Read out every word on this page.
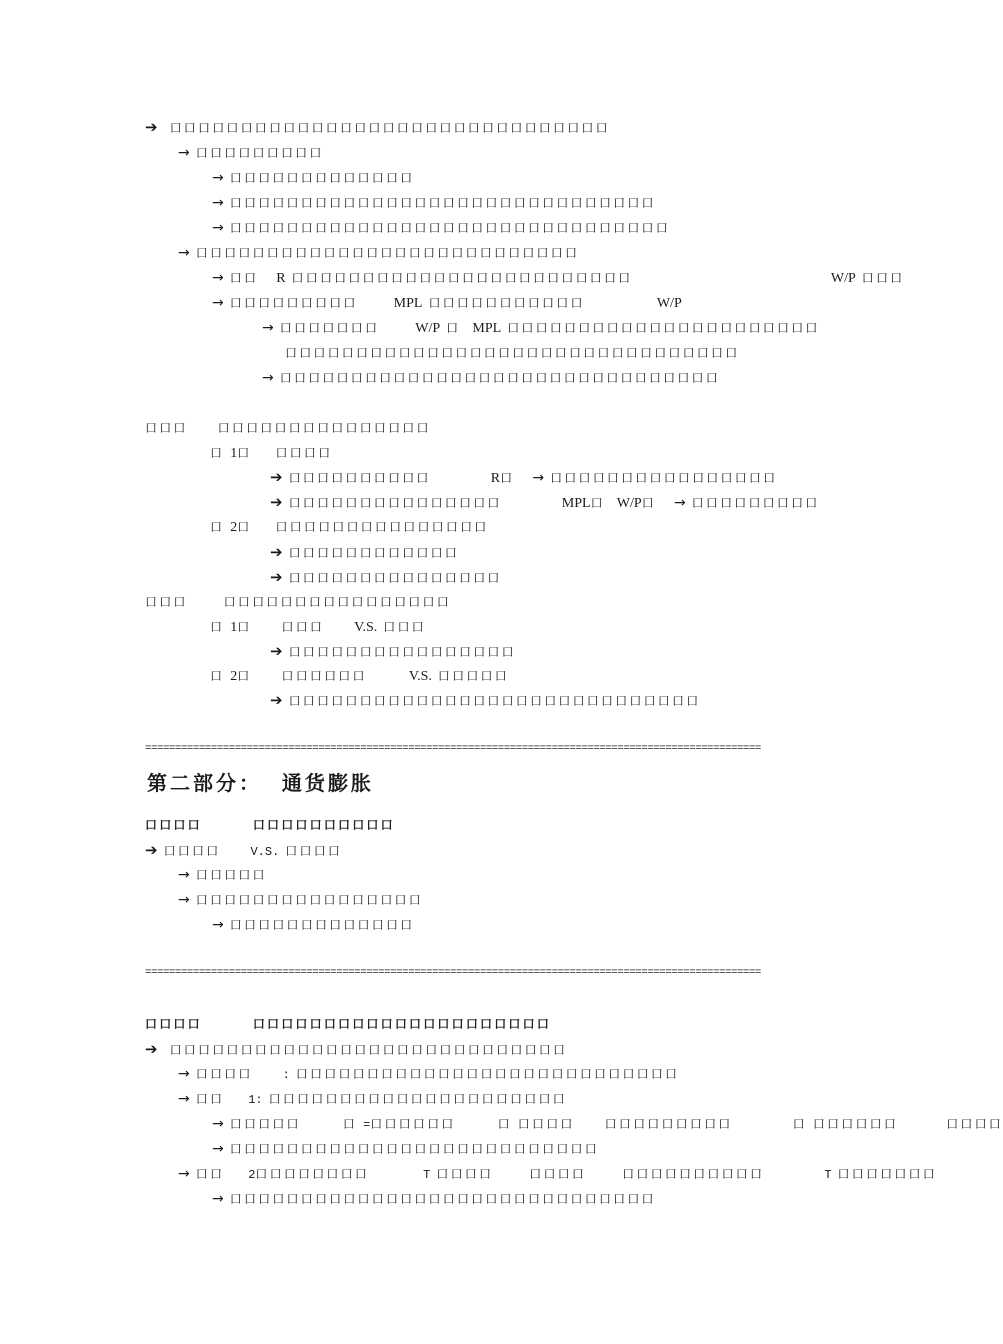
➔  口口口口口口口口口口口口口口口口口口口口口口口口口口口口口口口
→ 口口口口口口口口口
→ 口口口口口口口口口口口口口
→ 口口口口口口口口口口口口口口口口口口口口口口口口口口口口口口
→ 口口口口口口口口口口口口口口口口口口口口口口口口口口口口口口口
→ 口口口口口口口口口口口口口口口口口口口口口口口口口口口
→ 口口   R 口口口口口口口口口口口口口口口口口口口口口口口口	W/P 口口口
→ 口口口口口口口口口      MPL 口口口口口口口口口口口	W/P
→ 口口口口口口口      W/P 口  MPL 口口口口口口口口口口口口口口口口口口口口口口
口口口口口口口口口口口口口口口口口口口口口口口口口口口口口口口口
→ 口口口口口口口口口口口口口口口口口口口口口口口口口口口口口口口
口口口     口口口口口口口口口口口口口口口
口 1口    口口口口
➔ 口口口口口口口口口口	R口   → 口口口口口口口口口口口口口口口口
➔ 口口口口口口口口口口口口口口口	MPL口  W/P口   → 口口口口口口口口口
口 2口    口口口口口口口口口口口口口口口
➔ 口口口口口口口口口口口口
➔ 口口口口口口口口口口口口口口口
口口口      口口口口口口口口口口口口口口口口
口 1口     口口口     V.S. 口口口
➔ 口口口口口口口口口口口口口口口口
口 2口     口口口口口口	V.S. 口口口口口
➔ 口口口口口口口口口口口口口口口口口口口口口口口口口口口口口
口口口口        口口口口口口口口口口
➔ 口口口口     V.S. 口口口口
→ 口口口口口
→ 口口口口口口口口口口口口口口口口
→ 口口口口口口口口口口口口口
口口口口        口口口口口口口口口口口口口口口口口口口口口
➔  口口口口口口口口口口口口口口口口口口口口口口口口口口口口
→ 口口口口     : 口口口口口口口口口口口口口口口口口口口口口口口口口口口
→ 口口    1: 口口口口口口口口口口口口口口口口口口口口口
→ 口口口口口       口 =口口口口口口	口 口口口口     口口口口口口口口口	口 口口口口口口	口口口口
→ 口口口口口口口口口口口口口口口口口口口口口口口口口口
→ 口口    2口口口口口口口口	T 口口口口      口口口口      口口口口口口口口口口	T 口口口口口口口
→ 口口口口口口口口口口口口口口口口口口口口口口口口口口口口口口
=======================================================================================================
第二部分：  通货膨胀
=======================================================================================================
